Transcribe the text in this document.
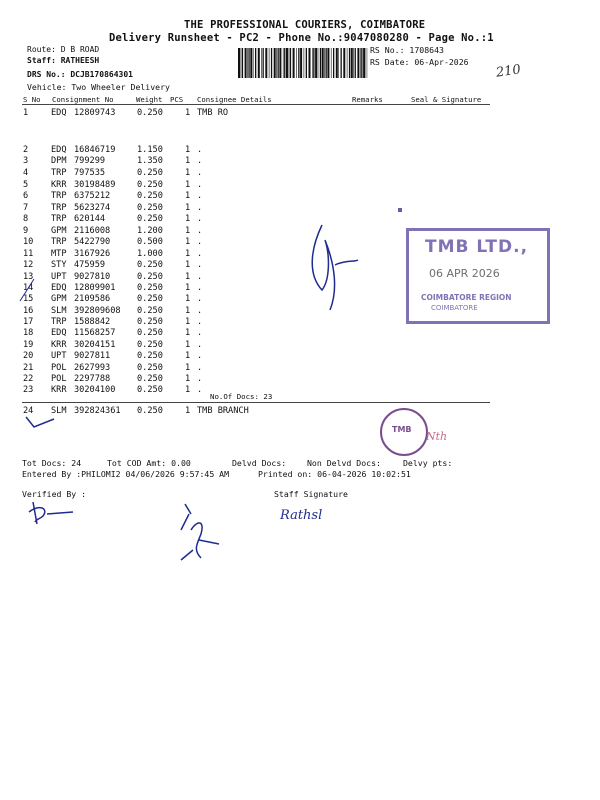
THE PROFESSIONAL COURIERS, COIMBATORE
Delivery Runsheet - PC2 - Phone No.:9047080280 - Page No.:1
Route: D B ROAD
Staff: RATHEESH
DRS No.: DCJB170864301
Vehicle: Two Wheeler Delivery
RS No.: 1708643
RS Date: 06-Apr-2026
210
S No Consignment No	Weight PCS Consignee Details	Remarks	Seal & Signature
1	EDQ 12809743	0.250	1 TMB RO
2	EDQ 16846719	1.150	1 .
3	DPM 799299	1.350	1 .
4	TRP 797535	0.250	1 .
5	KRR 30198489	0.250	1 .
6	TRP 6375212	0.250	1 .
7	TRP 5623274	0.250	1 .
8	TRP 620144	0.250	1 .
9	GPM 2116008	1.200	1 .
10 TRP 5422790	0.500	1 .
11 MTP 3167926	1.000	1 .
12 STY 475959	0.250	1 .
13 UPT 9027810	0.250	1 .
14 EDQ 12809901	0.250	1 .
15 GPM 2109586	0.250	1 .
16 SLM 392809608 0.250	1 .
17 TRP 1588842	0.250	1 .
18 EDQ 11568257	0.250	1 .
19 KRR 30204151	0.250	1 .
20 UPT 9027811	0.250	1 .
21 POL 2627993	0.250	1 .
22 POL 2297788	0.250	1 .
23 KRR 30204100	0.250	1 .
No.Of Docs: 23
24 SLM 392824361 0.250	1 TMB BRANCH
TMB LTD.,
06 APR 2026
COIMBATORE REGION
COIMBATORE
TMB
Nth
Tot Docs: 24	Tot COD Amt: 0.00	Delvd Docs:	Non Delvd Docs:	Delvy pts:
Entered By :PHILOMI2 04/06/2026 9:57:45 AM	Printed on: 06-04-2026 10:02:51
Verified By :	Staff Signature
Rathsl
